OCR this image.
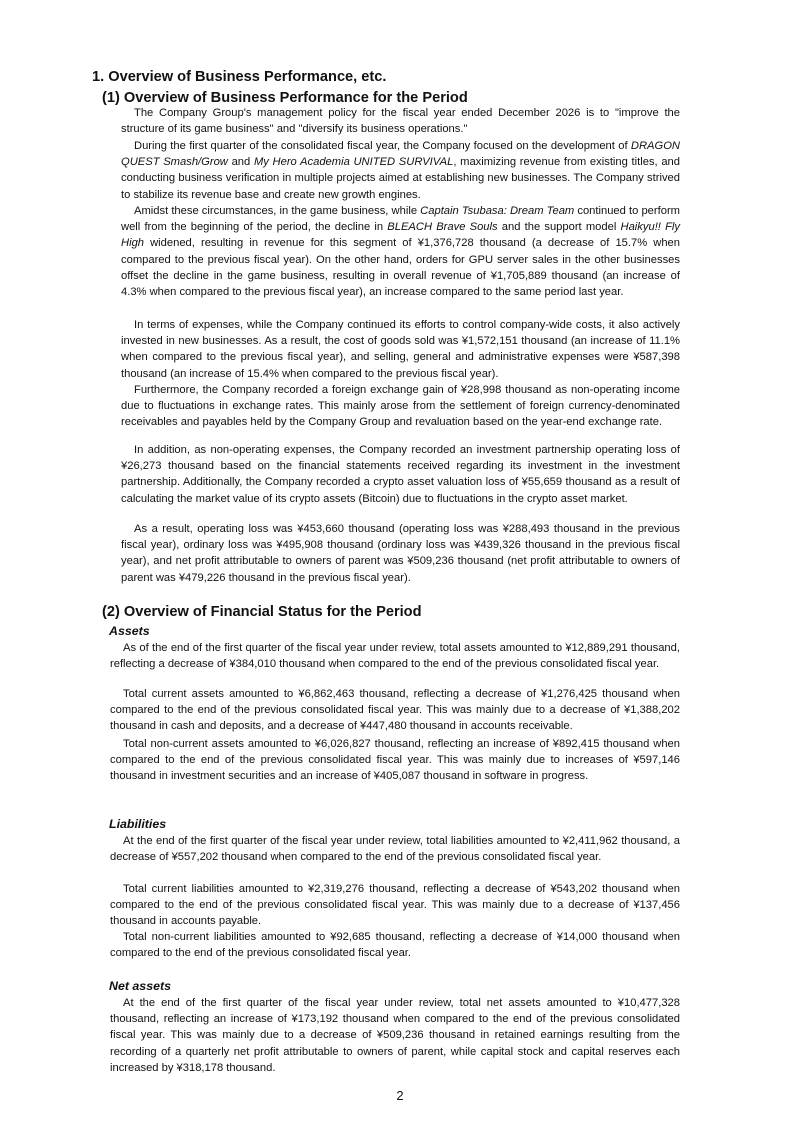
1. Overview of Business Performance, etc.
(1) Overview of Business Performance for the Period

The Company Group's management policy for the fiscal year ended December 2026 is to "improve the structure of its game business" and "diversify its business operations."

During the first quarter of the consolidated fiscal year, the Company focused on the development of DRAGON QUEST Smash/Grow and My Hero Academia UNITED SURVIVAL, maximizing revenue from existing titles, and conducting business verification in multiple projects aimed at establishing new businesses. The Company strived to stabilize its revenue base and create new growth engines.

Amidst these circumstances, in the game business, while Captain Tsubasa: Dream Team continued to perform well from the beginning of the period, the decline in BLEACH Brave Souls and the support model Haikyu!! Fly High widened, resulting in revenue for this segment of ¥1,376,728 thousand (a decrease of 15.7% when compared to the previous fiscal year). On the other hand, orders for GPU server sales in the other businesses offset the decline in the game business, resulting in overall revenue of ¥1,705,889 thousand (an increase of 4.3% when compared to the previous fiscal year), an increase compared to the same period last year.

In terms of expenses, while the Company continued its efforts to control company-wide costs, it also actively invested in new businesses. As a result, the cost of goods sold was ¥1,572,151 thousand (an increase of 11.1% when compared to the previous fiscal year), and selling, general and administrative expenses were ¥587,398 thousand (an increase of 15.4% when compared to the previous fiscal year).

Furthermore, the Company recorded a foreign exchange gain of ¥28,998 thousand as non-operating income due to fluctuations in exchange rates. This mainly arose from the settlement of foreign currency-denominated receivables and payables held by the Company Group and revaluation based on the year-end exchange rate.

In addition, as non-operating expenses, the Company recorded an investment partnership operating loss of ¥26,273 thousand based on the financial statements received regarding its investment in the investment partnership. Additionally, the Company recorded a crypto asset valuation loss of ¥55,659 thousand as a result of calculating the market value of its crypto assets (Bitcoin) due to fluctuations in the crypto asset market.

As a result, operating loss was ¥453,660 thousand (operating loss was ¥288,493 thousand in the previous fiscal year), ordinary loss was ¥495,908 thousand (ordinary loss was ¥439,326 thousand in the previous fiscal year), and net profit attributable to owners of parent was ¥509,236 thousand (net profit attributable to owners of parent was ¥479,226 thousand in the previous fiscal year).

(2) Overview of Financial Status for the Period
Assets

As of the end of the first quarter of the fiscal year under review, total assets amounted to ¥12,889,291 thousand, reflecting a decrease of ¥384,010 thousand when compared to the end of the previous consolidated fiscal year.

Total current assets amounted to ¥6,862,463 thousand, reflecting a decrease of ¥1,276,425 thousand when compared to the end of the previous consolidated fiscal year. This was mainly due to a decrease of ¥1,388,202 thousand in cash and deposits, and a decrease of ¥447,480 thousand in accounts receivable.

Total non-current assets amounted to ¥6,026,827 thousand, reflecting an increase of ¥892,415 thousand when compared to the end of the previous consolidated fiscal year. This was mainly due to increases of ¥597,146 thousand in investment securities and an increase of ¥405,087 thousand in software in progress.

Liabilities

At the end of the first quarter of the fiscal year under review, total liabilities amounted to ¥2,411,962 thousand, a decrease of ¥557,202 thousand when compared to the end of the previous consolidated fiscal year.

Total current liabilities amounted to ¥2,319,276 thousand, reflecting a decrease of ¥543,202 thousand when compared to the end of the previous consolidated fiscal year. This was mainly due to a decrease of ¥137,456 thousand in accounts payable.

Total non-current liabilities amounted to ¥92,685 thousand, reflecting a decrease of ¥14,000 thousand when compared to the end of the previous consolidated fiscal year.

Net assets

At the end of the first quarter of the fiscal year under review, total net assets amounted to ¥10,477,328 thousand, reflecting an increase of ¥173,192 thousand when compared to the end of the previous consolidated fiscal year. This was mainly due to a decrease of ¥509,236 thousand in retained earnings resulting from the recording of a quarterly net profit attributable to owners of parent, while capital stock and capital reserves each increased by ¥318,178 thousand.

2
